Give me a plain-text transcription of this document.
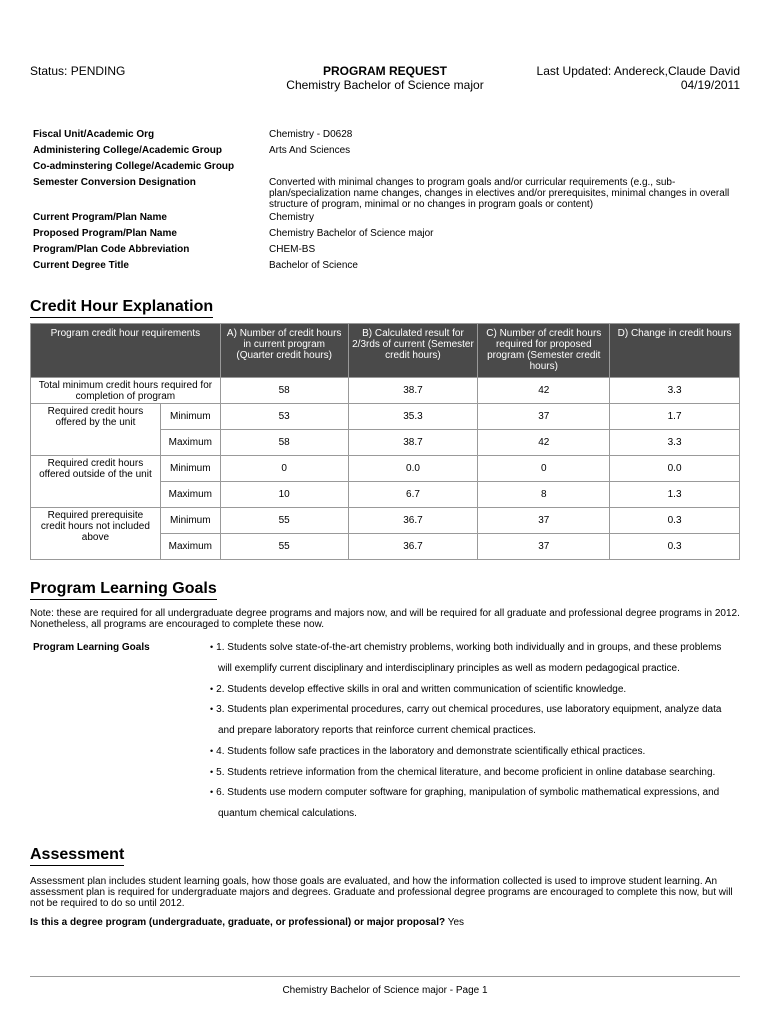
Status: PENDING	PROGRAM REQUEST
Chemistry Bachelor of Science major
Last Updated: Andereck,Claude David
04/19/2011
Fiscal Unit/Academic Org	Chemistry - D0628
Administering College/Academic Group	Arts And Sciences
Co-adminstering College/Academic Group
Semester Conversion Designation	Converted with minimal changes to program goals and/or curricular requirements (e.g., sub-plan/specialization name changes, changes in electives and/or prerequisites, minimal changes in overall structure of program, minimal or no changes in program goals or content)
Current Program/Plan Name	Chemistry
Proposed Program/Plan Name	Chemistry Bachelor of Science major
Program/Plan Code Abbreviation	CHEM-BS
Current Degree Title	Bachelor of Science
Credit Hour Explanation
Program credit hour requirements		A) Number of credit hours in current program (Quarter credit hours)	B) Calculated result for 2/3rds of current (Semester credit hours)	C) Number of credit hours required for proposed program (Semester credit hours)	D) Change in credit hours
Total minimum credit hours required for completion of program		58	38.7	42	3.3
Required credit hours offered by the unit	Minimum	53	35.3	37	1.7
	Maximum	58	38.7	42	3.3
Required credit hours offered outside of the unit	Minimum	0	0.0	0	0.0
	Maximum	10	6.7	8	1.3
Required prerequisite credit hours not included above	Minimum	55	36.7	37	0.3
	Maximum	55	36.7	37	0.3
Program Learning Goals
Note: these are required for all undergraduate degree programs and majors now, and will be required for all graduate and professional degree programs in 2012. Nonetheless, all programs are encouraged to complete these now.
Program Learning Goals	• 1. Students solve state-of-the-art chemistry problems, working both individually and in groups, and these problems
will exemplify current disciplinary and interdisciplinary principles as well as modern pedagogical practice.
• 2. Students develop effective skills in oral and written communication of scientific knowledge.
• 3. Students plan experimental procedures, carry out chemical procedures, use laboratory equipment, analyze data
and prepare laboratory reports that reinforce current chemical practices.
• 4. Students follow safe practices in the laboratory and demonstrate scientifically ethical practices.
• 5. Students retrieve information from the chemical literature, and become proficient in online database searching.
• 6. Students use modern computer software for graphing, manipulation of symbolic mathematical expressions, and
quantum chemical calculations.
Assessment
Assessment plan includes student learning goals, how those goals are evaluated, and how the information collected is used to improve student learning. An assessment plan is required for undergraduate majors and degrees. Graduate and professional degree programs are encouraged to complete this now, but will not be required to do so until 2012.
Is this a degree program (undergraduate, graduate, or professional) or major proposal? Yes
Chemistry Bachelor of Science major - Page 1
